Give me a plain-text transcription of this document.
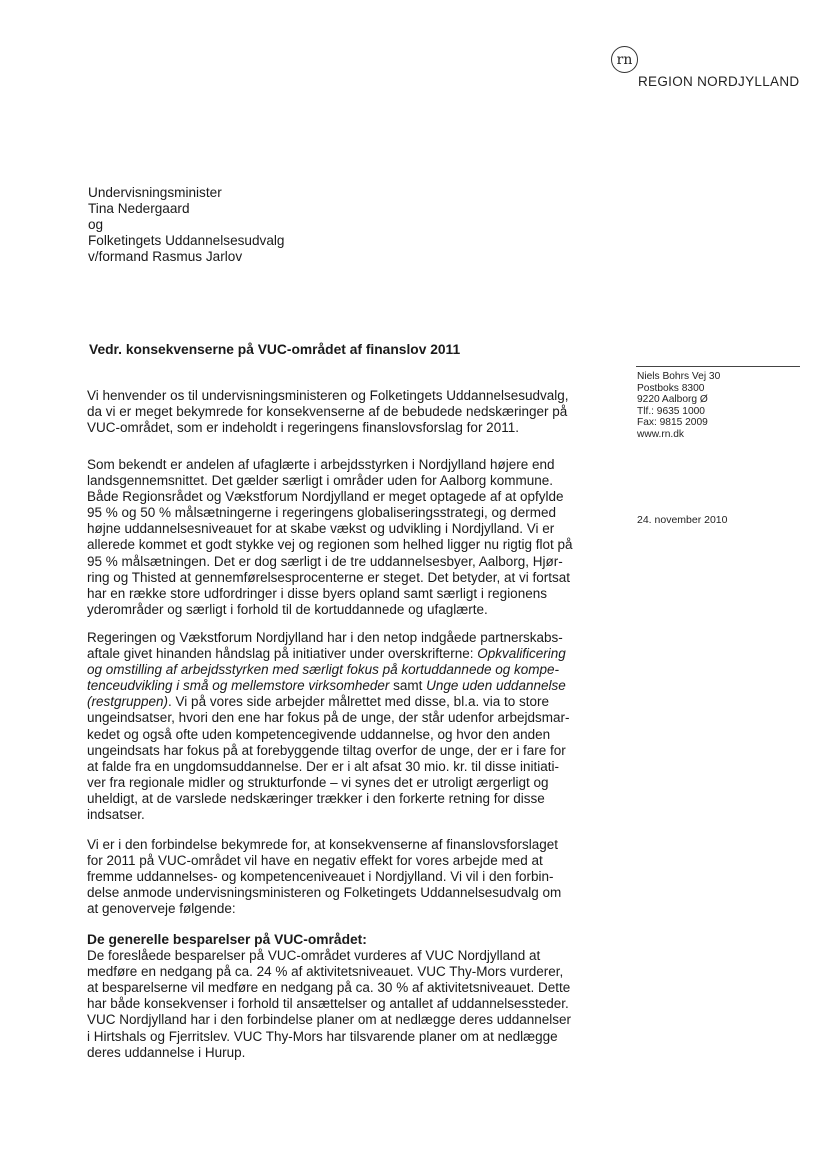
rn
REGION NORDJYLLAND
Undervisningsminister
Tina Nedergaard
og
Folketingets Uddannelsesudvalg
v/formand Rasmus Jarlov
Vedr. konsekvenserne på VUC-området af finanslov 2011
Niels Bohrs Vej 30
Postboks 8300
9220 Aalborg Ø
Tlf.: 9635 1000
Fax: 9815 2009
www.rn.dk
24. november 2010
Vi henvender os til undervisningsministeren og Folketingets Uddannelsesudvalg,
da vi er meget bekymrede for konsekvenserne af de bebudede nedskæringer på
VUC-området, som er indeholdt i regeringens finanslovsforslag for 2011.
Som bekendt er andelen af ufaglærte i arbejdsstyrken i Nordjylland højere end
landsgennemsnittet. Det gælder særligt i områder uden for Aalborg kommune.
Både Regionsrådet og Vækstforum Nordjylland er meget optagede af at opfylde
95 % og 50 % målsætningerne i regeringens globaliseringsstrategi, og dermed
højne uddannelsesniveauet for at skabe vækst og udvikling i Nordjylland. Vi er
allerede kommet et godt stykke vej og regionen som helhed ligger nu rigtig flot på
95 % målsætningen. Det er dog særligt i de tre uddannelsesbyer, Aalborg, Hjør-
ring og Thisted at gennemførelsesprocenterne er steget. Det betyder, at vi fortsat
har en række store udfordringer i disse byers opland samt særligt i regionens
yderområder og særligt i forhold til de kortuddannede og ufaglærte.
Regeringen og Vækstforum Nordjylland har i den netop indgåede partnerskabs-
aftale givet hinanden håndslag på initiativer under overskrifterne: Opkvalificering
og omstilling af arbejdsstyrken med særligt fokus på kortuddannede og kompe-
tenceudvikling i små og mellemstore virksomheder samt Unge uden uddannelse
(restgruppen). Vi på vores side arbejder målrettet med disse, bl.a. via to store
ungeindsatser, hvori den ene har fokus på de unge, der står udenfor arbejdsmar-
kedet og også ofte uden kompetencegivende uddannelse, og hvor den anden
ungeindsats har fokus på at forebyggende tiltag overfor de unge, der er i fare for
at falde fra en ungdomsuddannelse. Der er i alt afsat 30 mio. kr. til disse initiati-
ver fra regionale midler og strukturfonde – vi synes det er utroligt ærgerligt og
uheldigt, at de varslede nedskæringer trækker i den forkerte retning for disse
indsatser.
Vi er i den forbindelse bekymrede for, at konsekvenserne af finanslovsforslaget
for 2011 på VUC-området vil have en negativ effekt for vores arbejde med at
fremme uddannelses- og kompetenceniveauet i Nordjylland. Vi vil i den forbin-
delse anmode undervisningsministeren og Folketingets Uddannelsesudvalg om
at genoverveje følgende:
De generelle besparelser på VUC-området:
De foreslåede besparelser på VUC-området vurderes af VUC Nordjylland at
medføre en nedgang på ca. 24 % af aktivitetsniveauet. VUC Thy-Mors vurderer,
at besparelserne vil medføre en nedgang på ca. 30 % af aktivitetsniveauet. Dette
har både konsekvenser i forhold til ansættelser og antallet af uddannelsessteder.
VUC Nordjylland har i den forbindelse planer om at nedlægge deres uddannelser
i Hirtshals og Fjerritslev. VUC Thy-Mors har tilsvarende planer om at nedlægge
deres uddannelse i Hurup.
